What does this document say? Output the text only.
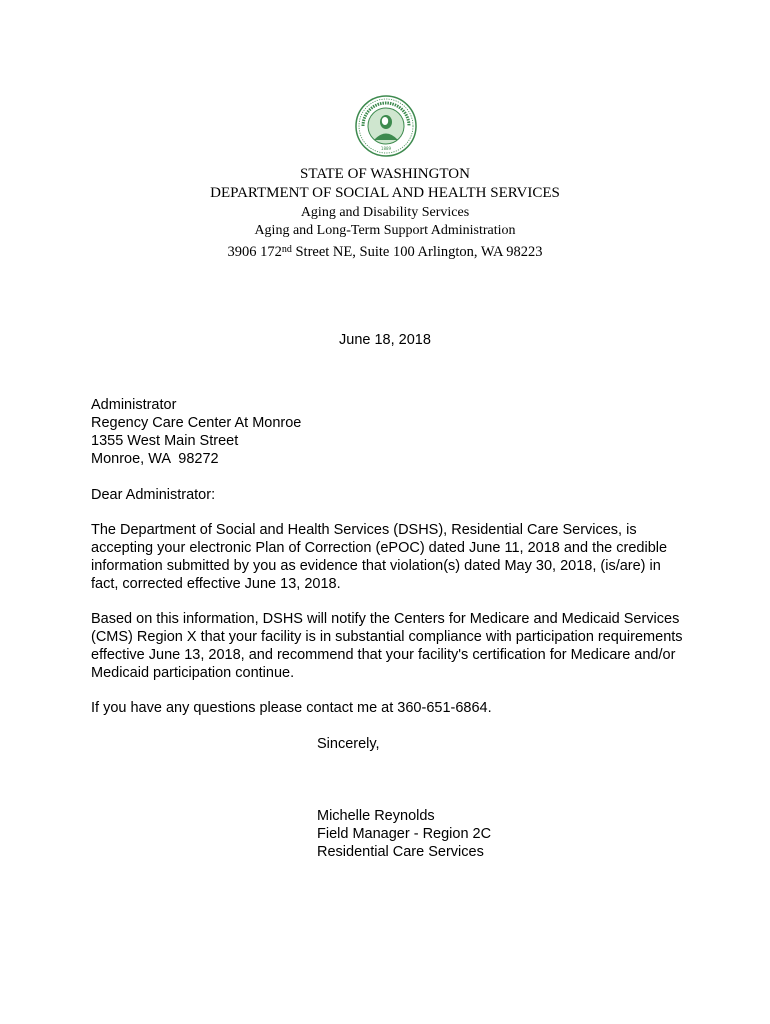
1889
STATE OF WASHINGTON
DEPARTMENT OF SOCIAL AND HEALTH SERVICES
Aging and Disability Services
Aging and Long-Term Support Administration
3906 172nd Street NE, Suite 100 Arlington, WA 98223
June 18, 2018
Administrator
Regency Care Center At Monroe
1355 West Main Street
Monroe, WA  98272
Dear Administrator:
The Department of Social and Health Services (DSHS), Residential Care Services, is accepting your electronic Plan of Correction (ePOC) dated June 11, 2018 and the credible information submitted by you as evidence that violation(s) dated May 30, 2018, (is/are) in fact, corrected effective June 13, 2018.
Based on this information, DSHS will notify the Centers for Medicare and Medicaid Services (CMS) Region X that your facility is in substantial compliance with participation requirements effective June 13, 2018, and recommend that your facility's certification for Medicare and/or Medicaid participation continue.
If you have any questions please contact me at 360-651-6864.
Sincerely,
Michelle Reynolds
Field Manager - Region 2C
Residential Care Services
